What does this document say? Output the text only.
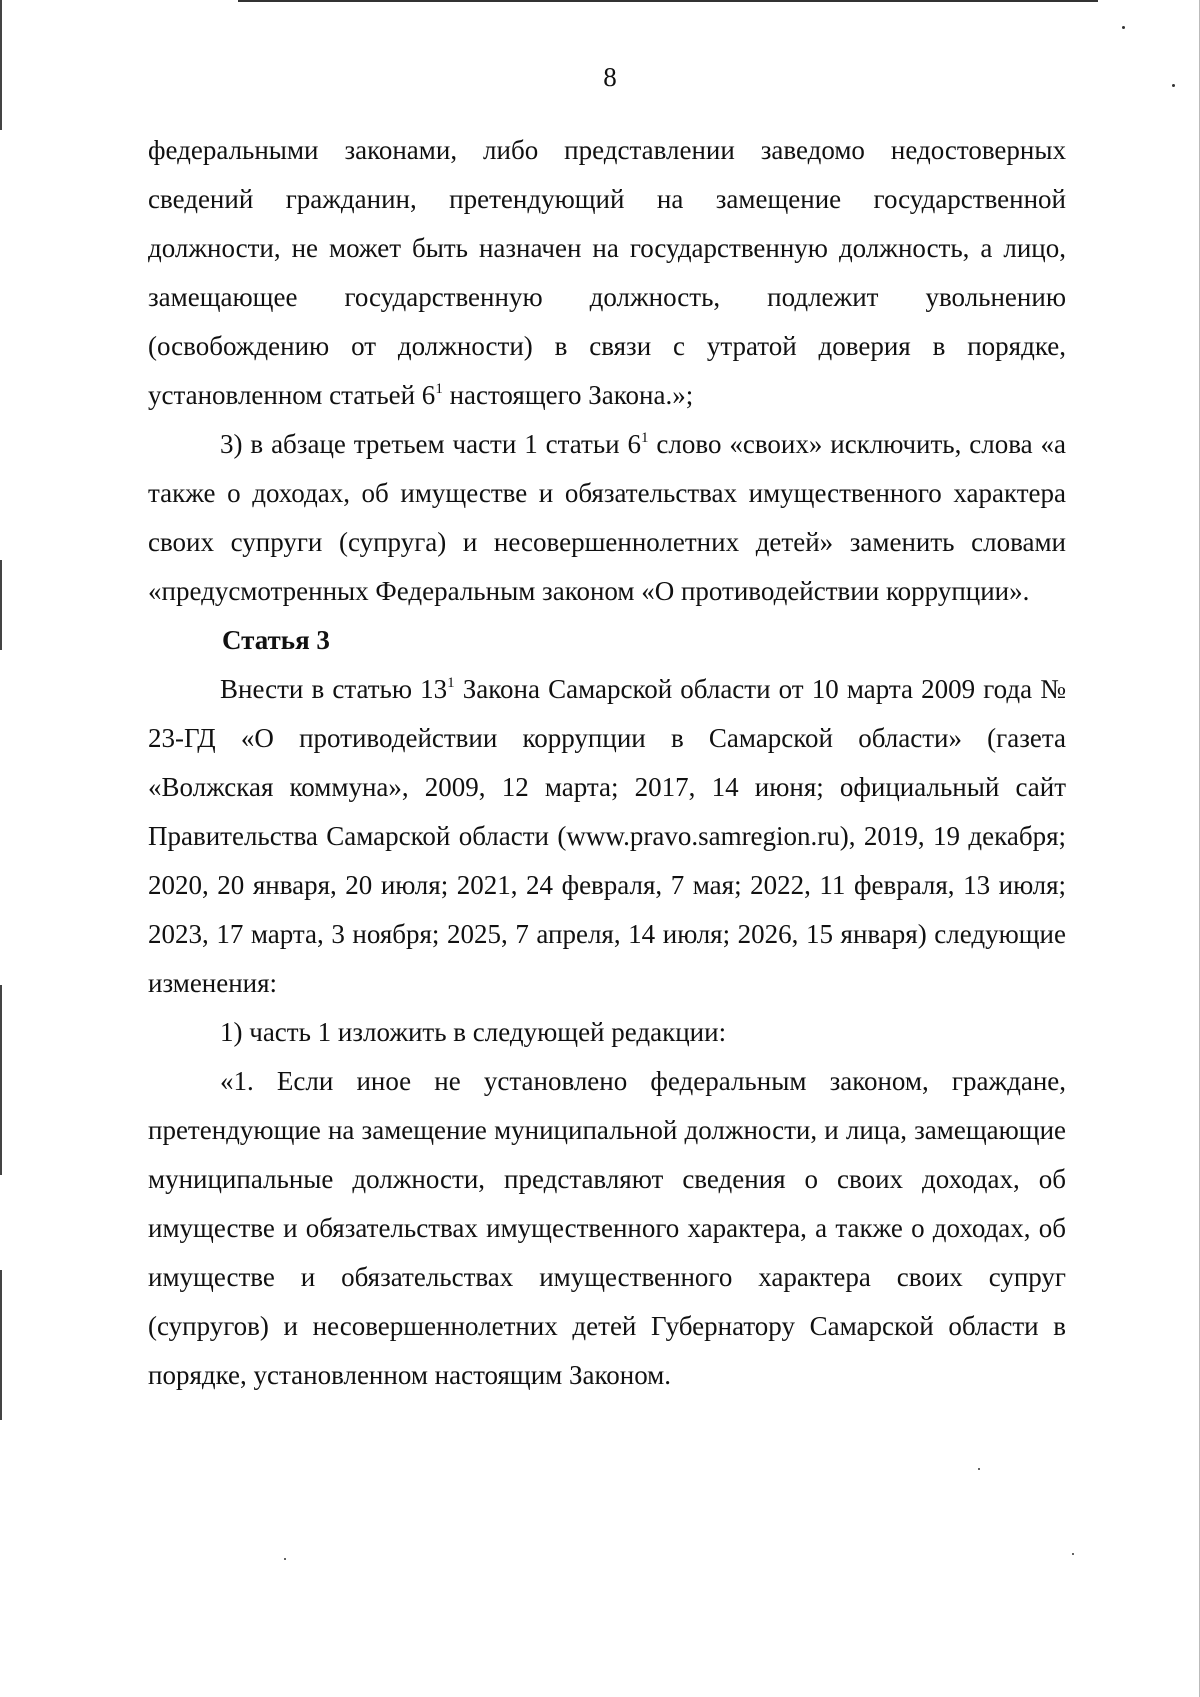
8

федеральными законами, либо представлении заведомо недостоверных сведений гражданин, претендующий на замещение государственной должности, не может быть назначен на государственную должность, а лицо, замещающее государственную должность, подлежит увольнению (освобождению от должности) в связи с утратой доверия в порядке, установленном статьей $6^1$ настоящего Закона.»;

3) в абзаце третьем части 1 статьи $6^1$ слово «своих» исключить, слова «а также о доходах, об имуществе и обязательствах имущественного характера своих супруги (супруга) и несовершеннолетних детей» заменить словами «предусмотренных Федеральным законом «О противодействии коррупции».

Статья 3

Внести в статью $13^1$ Закона Самарской области от 10 марта 2009 года № 23-ГД «О противодействии коррупции в Самарской области» (газета «Волжская коммуна», 2009, 12 марта; 2017, 14 июня; официальный сайт Правительства Самарской области (www.pravo.samregion.ru), 2019, 19 декабря; 2020, 20 января, 20 июля; 2021, 24 февраля, 7 мая; 2022, 11 февраля, 13 июля; 2023, 17 марта, 3 ноября; 2025, 7 апреля, 14 июля; 2026, 15 января) следующие изменения:

1) часть 1 изложить в следующей редакции:

«1. Если иное не установлено федеральным законом, граждане, претендующие на замещение муниципальной должности, и лица, замещающие муниципальные должности, представляют сведения о своих доходах, об имуществе и обязательствах имущественного характера, а также о доходах, об имуществе и обязательствах имущественного характера своих супруг (супругов) и несовершеннолетних детей Губернатору Самарской области в порядке, установленном настоящим Законом.
